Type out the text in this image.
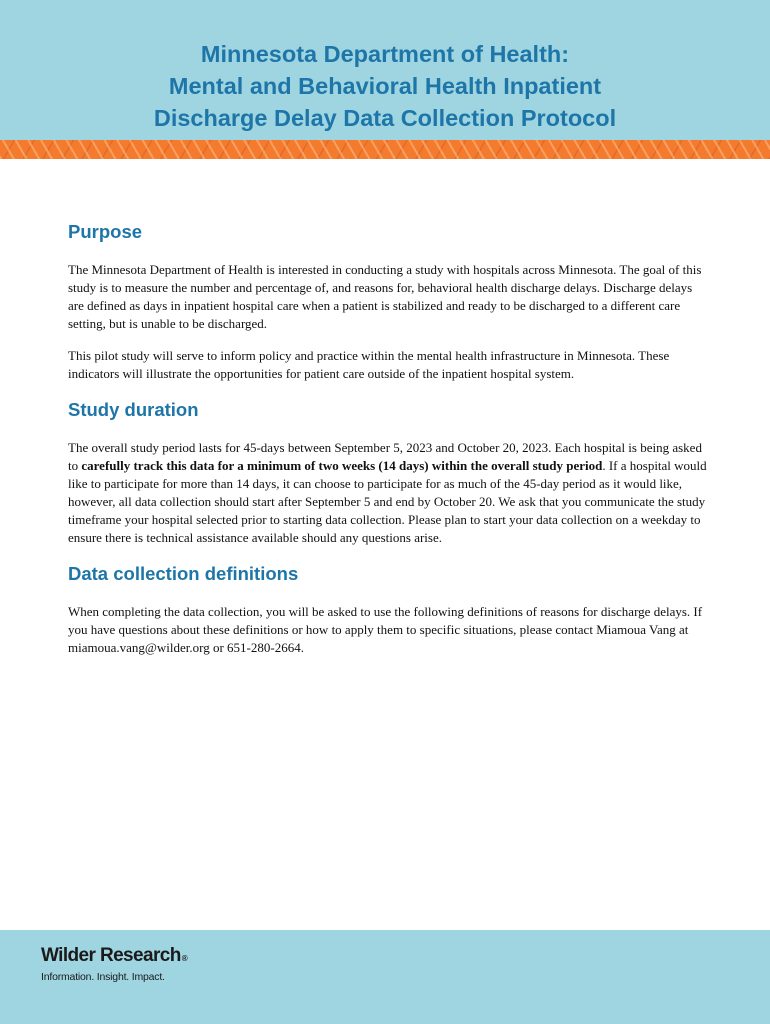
Minnesota Department of Health:
Mental and Behavioral Health Inpatient
Discharge Delay Data Collection Protocol
Purpose

The Minnesota Department of Health is interested in conducting a study with hospitals across Minnesota. The goal of this study is to measure the number and percentage of, and reasons for, behavioral health discharge delays. Discharge delays are defined as days in inpatient hospital care when a patient is stabilized and ready to be discharged to a different care setting, but is unable to be discharged.

This pilot study will serve to inform policy and practice within the mental health infrastructure in Minnesota. These indicators will illustrate the opportunities for patient care outside of the inpatient hospital system.

Study duration

The overall study period lasts for 45-days between September 5, 2023 and October 20, 2023. Each hospital is being asked to carefully track this data for a minimum of two weeks (14 days) within the overall study period. If a hospital would like to participate for more than 14 days, it can choose to participate for as much of the 45-day period as it would like, however, all data collection should start after September 5 and end by October 20. We ask that you communicate the study timeframe your hospital selected prior to starting data collection. Please plan to start your data collection on a weekday to ensure there is technical assistance available should any questions arise.

Data collection definitions

When completing the data collection, you will be asked to use the following definitions of reasons for discharge delays. If you have questions about these definitions or how to apply them to specific situations, please contact Miamoua Vang at miamoua.vang@wilder.org or 651-280-2664.

Wilder Research®
Information. Insight. Impact.
